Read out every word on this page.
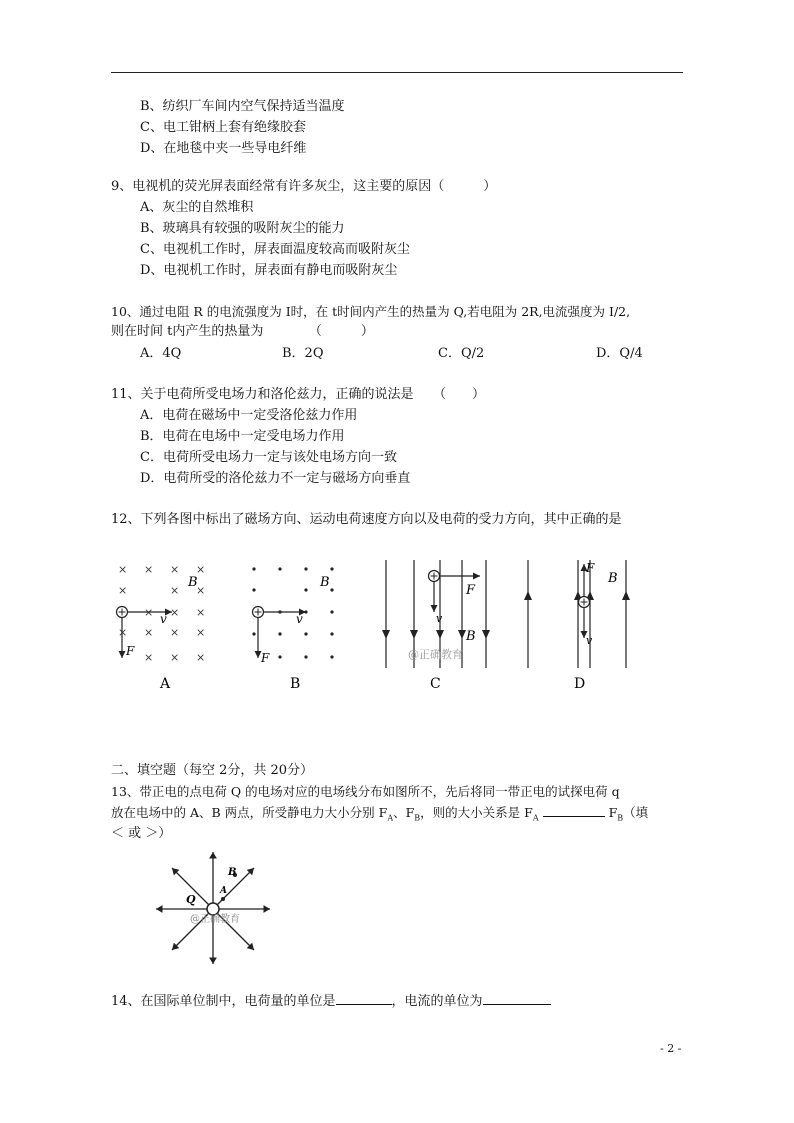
B、纺织厂车间内空气保持适当温度
C、电工钳柄上套有绝缘胶套
D、在地毯中夹一些导电纤维
9、电视机的荧光屏表面经常有许多灰尘，这主要的原因（　　　）
A、灰尘的自然堆积
B、玻璃具有较强的吸附灰尘的能力
C、电视机工作时，屏表面温度较高而吸附灰尘
D、电视机工作时，屏表面有静电而吸附灰尘
10、通过电阻 R 的电流强度为 I时，在 t时间内产生的热量为 Q,若电阻为 2R,电流强度为 I/2,
则在时间 t内产生的热量为　　　　（　　　）
A．4Q	B．2Q	C．Q/2	D．Q/4
11、关于电荷所受电场力和洛伦兹力，正确的说法是　　（　　）
A．电荷在磁场中一定受洛伦兹力作用
B．电荷在电场中一定受电场力作用
C．电荷所受电场力一定与该处电场方向一致
D．电荷所受的洛伦兹力不一定与磁场方向垂直
12、下列各图中标出了磁场方向、运动电荷速度方向以及电荷的受力方向，其中正确的是
× × × ×
×	× ×
× × ×
× × × ×
× × ×
B
v
F
A
B
v
F
B
F
v
B
@正确教育
C
F
v
B
D
二、填空题（每空 2分，共 20分）
13、带正电的点电荷 Q 的电场对应的电场线分布如图所不，先后将同一带正电的试探电荷 q
放在电场中的 A、B 两点，所受静电力大小分别 $F_A$、$F_B$，则的大小关系是 $F_A$	$F_B$（填
＜ 或 ＞）
Q
A
B
@正确教育
14、在国际单位制中，电荷量的单位是	，电流的单位为
- 2 -
